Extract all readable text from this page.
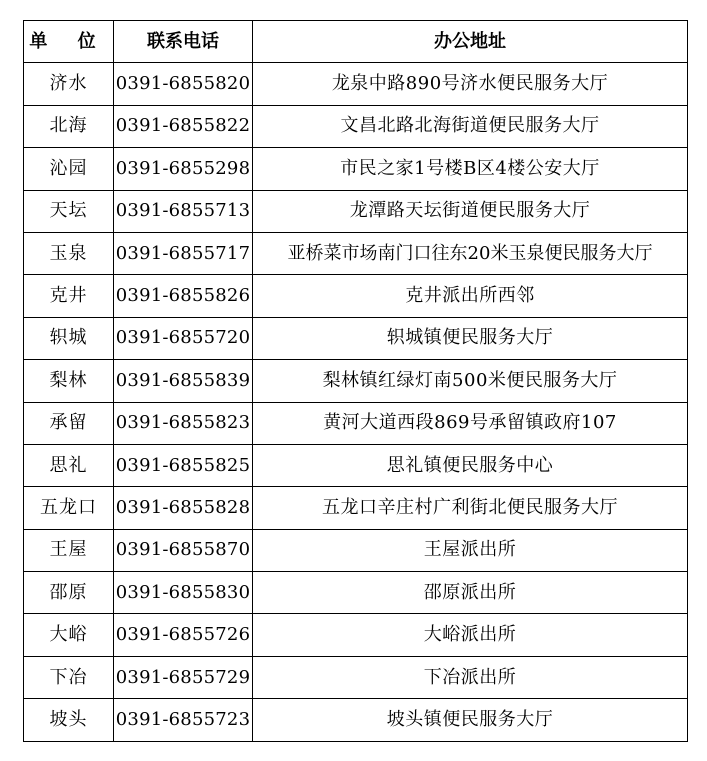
单 位	联系电话	办公地址
济水	0391-6855820	龙泉中路890号济水便民服务大厅
北海	0391-6855822	文昌北路北海街道便民服务大厅
沁园	0391-6855298	市民之家1号楼B区4楼公安大厅
天坛	0391-6855713	龙潭路天坛街道便民服务大厅
玉泉	0391-6855717	亚桥菜市场南门口往东20米玉泉便民服务大厅
克井	0391-6855826	克井派出所西邻
轵城	0391-6855720	轵城镇便民服务大厅
梨林	0391-6855839	梨林镇红绿灯南500米便民服务大厅
承留	0391-6855823	黄河大道西段869号承留镇政府107
思礼	0391-6855825	思礼镇便民服务中心
五龙口	0391-6855828	五龙口辛庄村广利街北便民服务大厅
王屋	0391-6855870	王屋派出所
邵原	0391-6855830	邵原派出所
大峪	0391-6855726	大峪派出所
下冶	0391-6855729	下冶派出所
坡头	0391-6855723	坡头镇便民服务大厅
